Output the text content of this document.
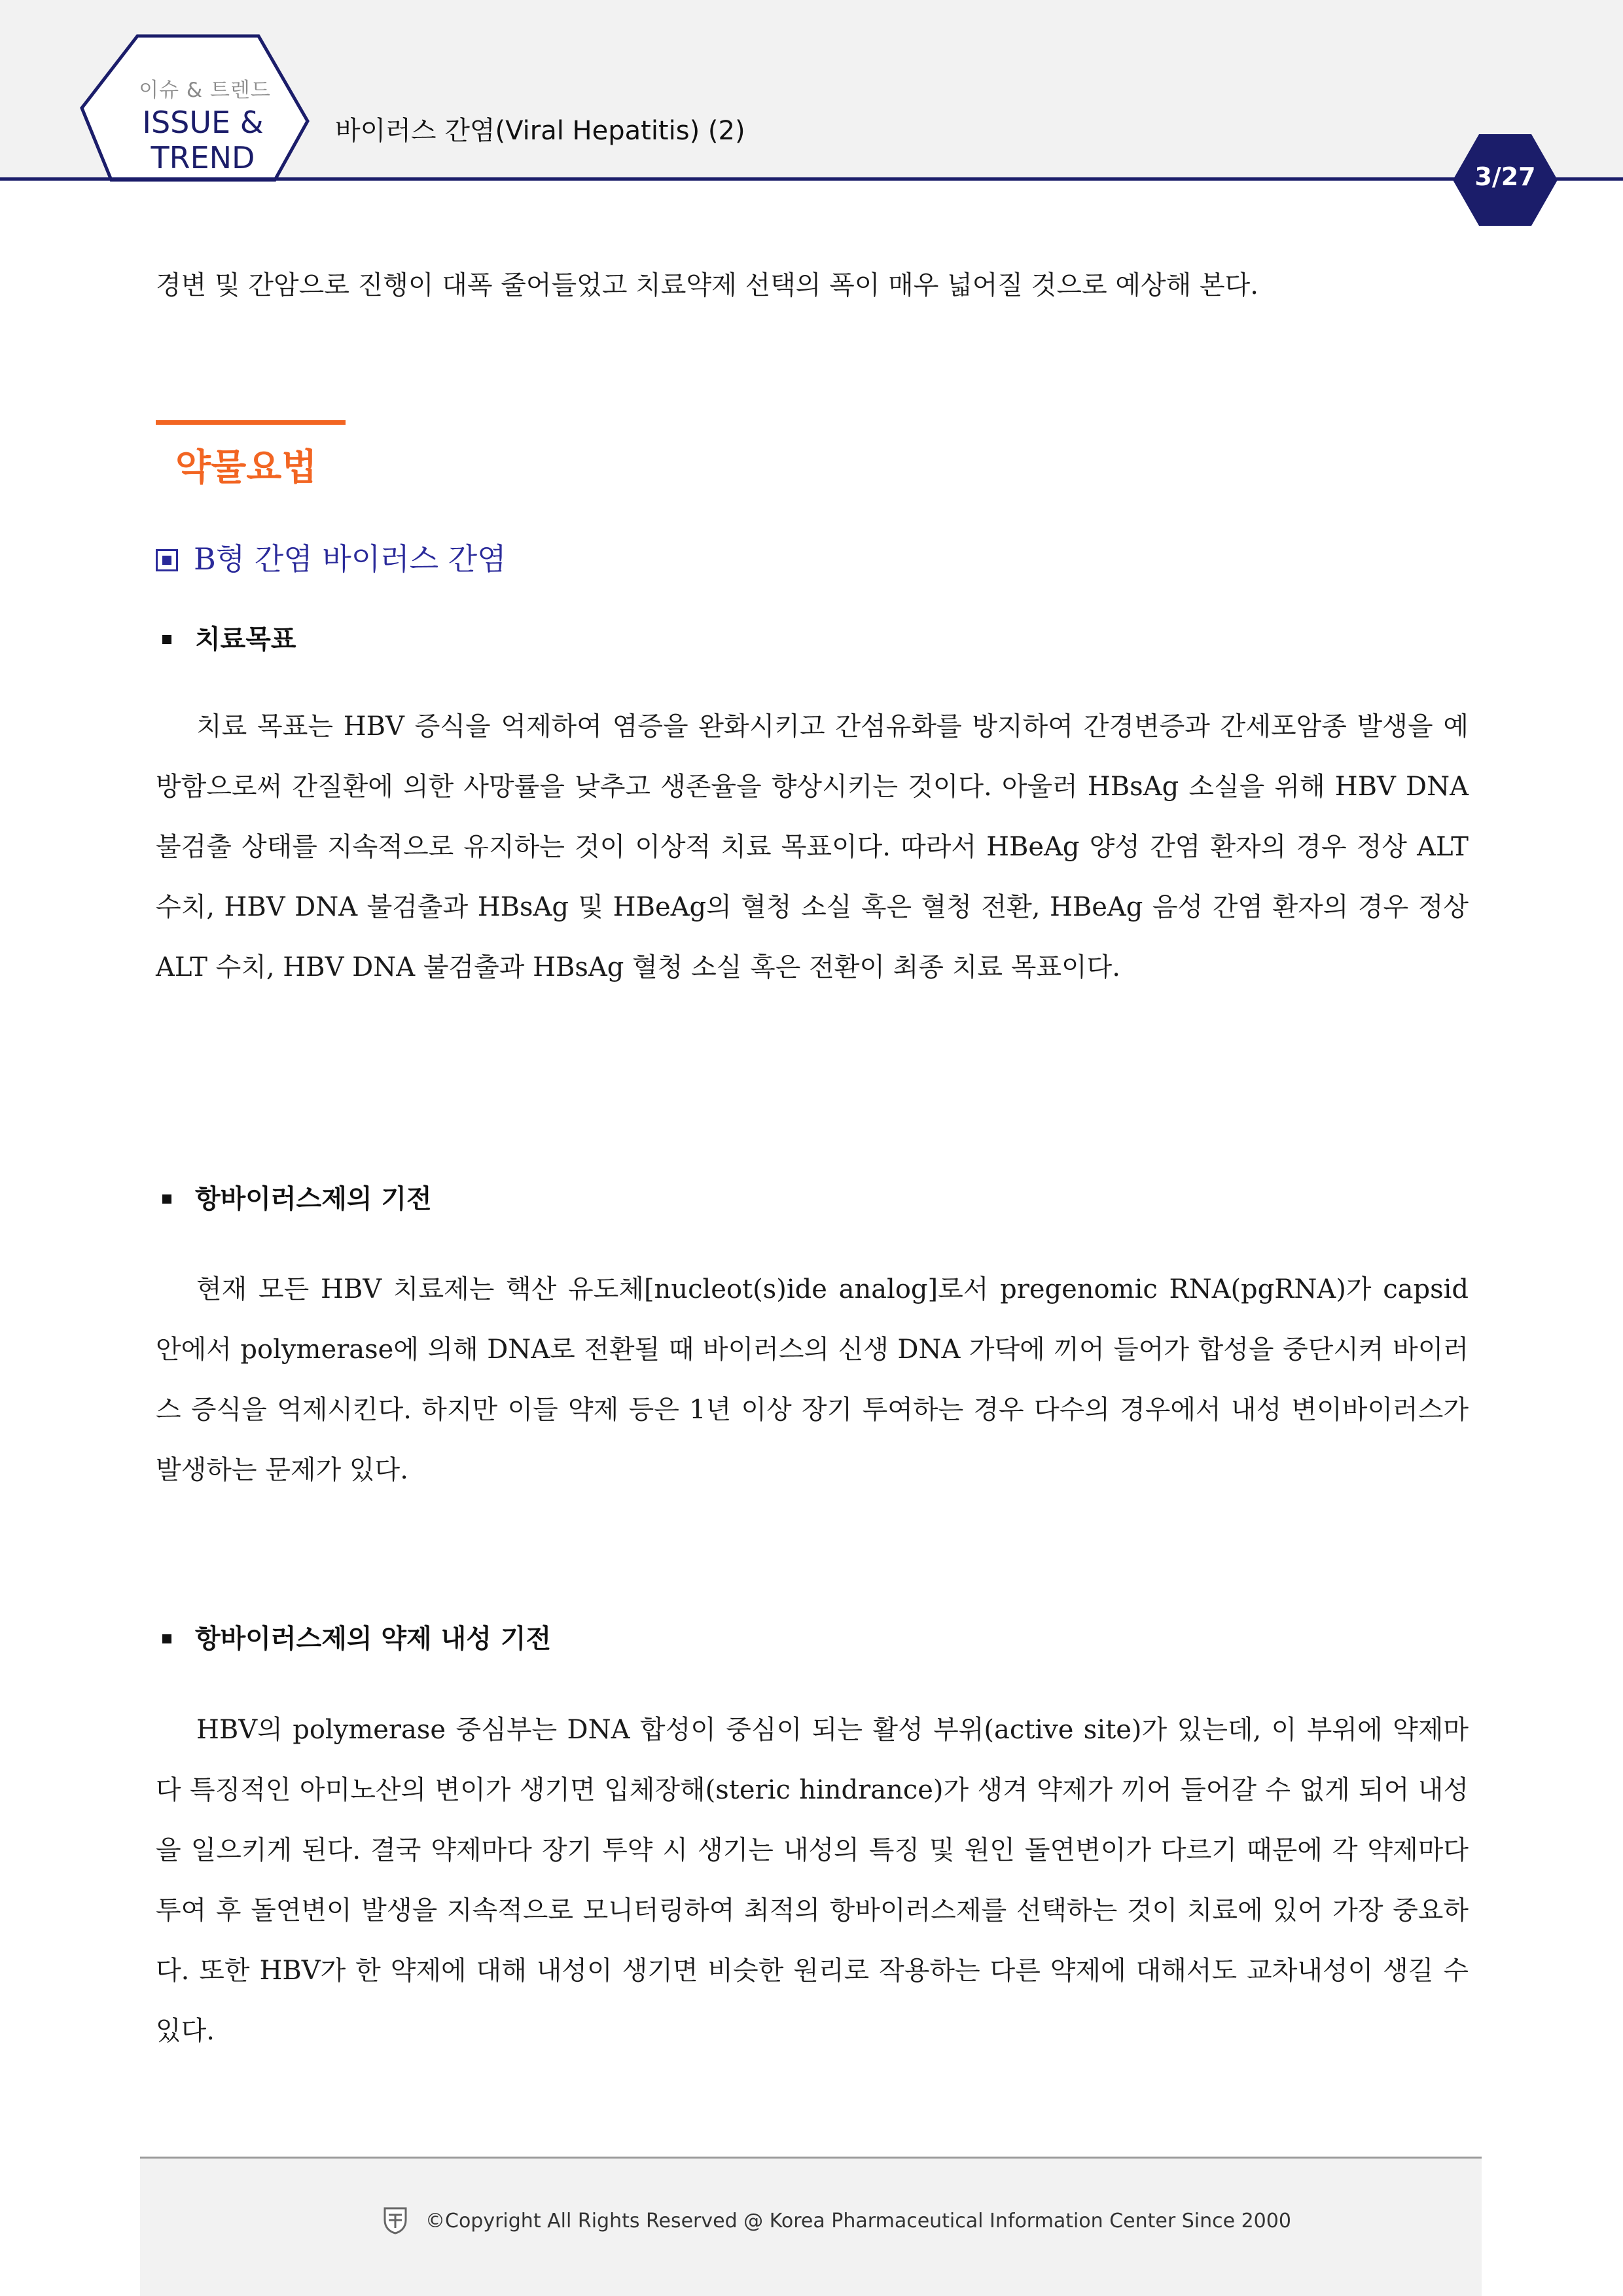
이슈 & 트렌드
ISSUE &
TREND
바이러스 간염(Viral Hepatitis) (2)
3/27
경변 및 간암으로 진행이 대폭 줄어들었고 치료약제 선택의 폭이 매우 넓어질 것으로 예상해 본다.
약물요법
B형 간염 바이러스 간염
치료목표
치료 목표는 HBV 증식을 억제하여 염증을 완화시키고 간섬유화를 방지하여 간경변증과 간세포암종 발생을 예방함으로써 간질환에 의한 사망률을 낮추고 생존율을 향상시키는 것이다. 아울러 HBsAg 소실을 위해 HBV DNA 불검출 상태를 지속적으로 유지하는 것이 이상적 치료 목표이다. 따라서 HBeAg 양성 간염 환자의 경우 정상 ALT 수치, HBV DNA 불검출과 HBsAg 및 HBeAg의 혈청 소실 혹은 혈청 전환, HBeAg 음성 간염 환자의 경우 정상 ALT 수치, HBV DNA 불검출과 HBsAg 혈청 소실 혹은 전환이 최종 치료 목표이다.
항바이러스제의 기전
현재 모든 HBV 치료제는 핵산 유도체[nucleot(s)ide analog]로서 pregenomic RNA(pgRNA)가 capsid 안에서 polymerase에 의해 DNA로 전환될 때 바이러스의 신생 DNA 가닥에 끼어 들어가 합성을 중단시켜 바이러스 증식을 억제시킨다. 하지만 이들 약제 등은 1년 이상 장기 투여하는 경우 다수의 경우에서 내성 변이바이러스가 발생하는 문제가 있다.
항바이러스제의 약제 내성 기전
HBV의 polymerase 중심부는 DNA 합성이 중심이 되는 활성 부위(active site)가 있는데, 이 부위에 약제마다 특징적인 아미노산의 변이가 생기면 입체장해(steric hindrance)가 생겨 약제가 끼어 들어갈 수 없게 되어 내성을 일으키게 된다. 결국 약제마다 장기 투약 시 생기는 내성의 특징 및 원인 돌연변이가 다르기 때문에 각 약제마다 투여 후 돌연변이 발생을 지속적으로 모니터링하여 최적의 항바이러스제를 선택하는 것이 치료에 있어 가장 중요하다. 또한 HBV가 한 약제에 대해 내성이 생기면 비슷한 원리로 작용하는 다른 약제에 대해서도 교차내성이 생길 수 있다.
©Copyright All Rights Reserved @ Korea Pharmaceutical Information Center Since 2000
